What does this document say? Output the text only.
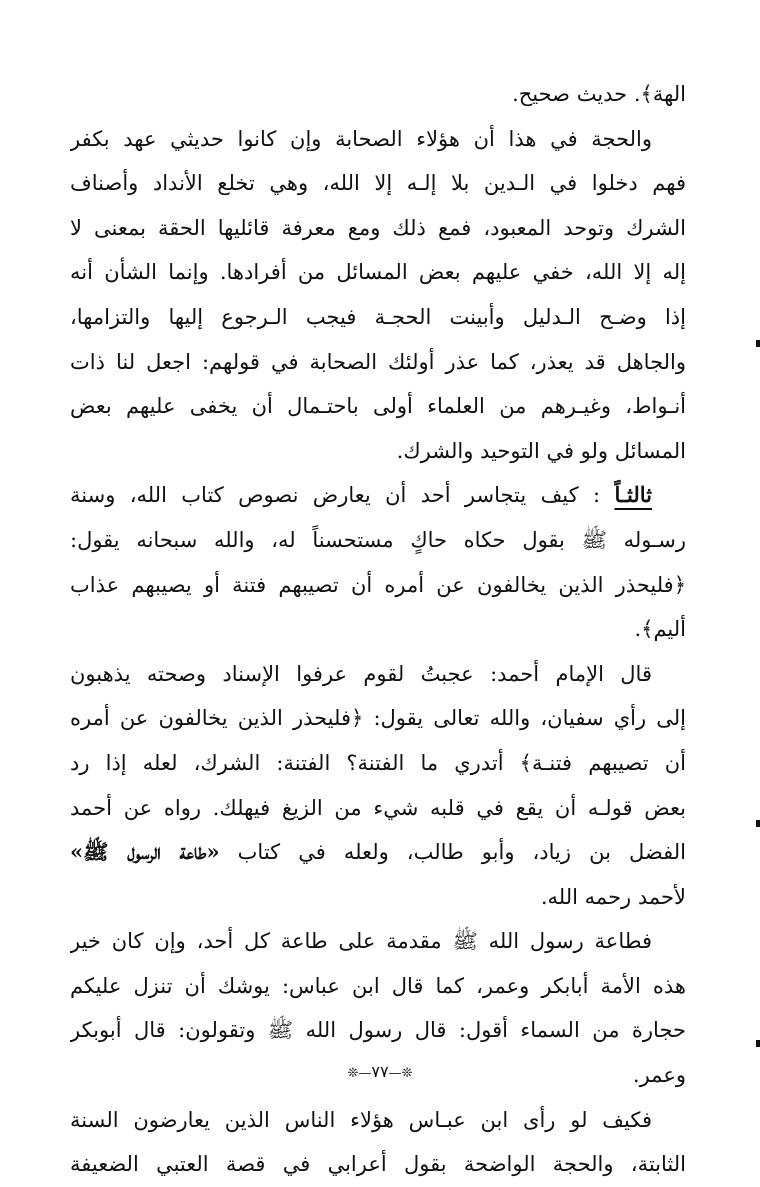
الهة﴾. حديث صحيح.
والحجة في هذا أن هؤلاء الصحابة وإن كانوا حديثي عهد بكفر
فهم دخلوا في الـدين بلا إلـه إلا الله، وهي تخلع الأنداد وأصناف
الشرك وتوحد المعبود، فمع ذلك ومع معرفة قائليها الحقة بمعنى لا
إله إلا الله، خفي عليهم بعض المسائل من أفرادها. وإنما الشأن أنه
إذا وضـح الـدليل وأبينت الحجـة فيجب الـرجوع إليها والتزامها،
والجاهل قد يعذر، كما عذر أولئك الصحابة في قولهم: اجعل لنا ذات
أنـواط، وغيـرهم من العلماء أولى باحتـمال أن يخفى عليهم بعض
المسائل ولو في التوحيد والشرك.
ثالثـاً : كيف يتجاسر أحد أن يعارض نصوص كتاب الله، وسنة
رسـوله ﷺ بقول حكاه حاكٍ مستحسناً له، والله سبحانه يقول:
﴿فليحذر الذين يخالفون عن أمره أن تصيبهم فتنة أو يصيبهم عذاب
أليم﴾.
قال الإمام أحمد: عجبتُ لقوم عرفوا الإسناد وصحته يذهبون
إلى رأي سفيان، والله تعالى يقول: ﴿فليحذر الذين يخالفون عن أمره
أن تصيبهم فتنـة﴾ أتدري ما الفتنة؟ الفتنة: الشرك، لعله إذا رد
بعض قولـه أن يقع في قلبه شيء من الزيغ فيهلك. رواه عن أحمد
الفضل بن زياد، وأبو طالب، ولعله في كتاب «طاعة الرسول ﷺ»
لأحمد رحمه الله.
فطاعة رسول الله ﷺ مقدمة على طاعة كل أحد، وإن كان خير
هذه الأمة أبابكر وعمر، كما قال ابن عباس: يوشك أن تنزل عليكم
حجارة من السماء أقول: قال رسول الله ﷺ وتقولون: قال أبوبكر
وعمر.
فكيف لو رأى ابن عبـاس هؤلاء الناس الذين يعارضون السنة
الثابتة، والحجة الواضحة بقول أعرابي في قصة العتبي الضعيفة
❊—٧٧—❊
